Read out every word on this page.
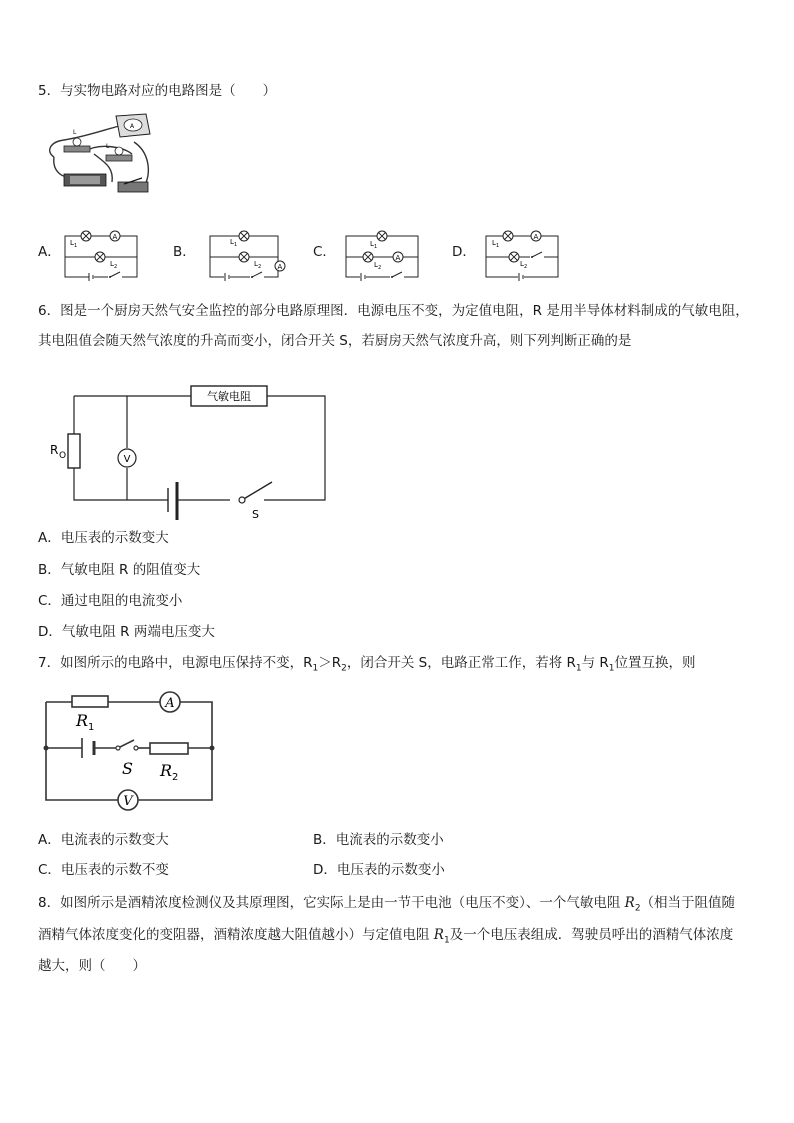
5．与实物电路对应的电路图是（　　）
A
L
L
A．
A
L 1
L 2
B．
A
L 1
L 2
C．	A
L 1
L 2
D．
A
L 1
L 2
6．图是一个厨房天然气安全监控的部分电路原理图．电源电压不变，为定值电阻，R 是用半导体材料制成的气敏电阻，
其电阻值会随天然气浓度的升高而变小，闭合开关 S，若厨房天然气浓度升高，则下列判断正确的是
气敏电阻
R O	V
S
A．电压表的示数变大
B．气敏电阻 R 的阻值变大
C．通过电阻的电流变小
D．气敏电阻 R 两端电压变大
7．如图所示的电路中，电源电压保持不变，$R_1>R_2$，闭合开关 S，电路正常工作，若将 $R_1$与 $R_1$位置互换，则
A
V
R 1
S R 2
A．电流表的示数变大	B．电流表的示数变小
C．电压表的示数不变	D．电压表的示数变小
8．如图所示是酒精浓度检测仪及其原理图，它实际上是由一节干电池（电压不变）、一个气敏电阻 $R_2$（相当于阻值随
酒精气体浓度变化的变阻器，酒精浓度越大阻值越小）与定值电阻 $R_1$及一个电压表组成．驾驶员呼出的酒精气体浓度
越大，则（　　）
